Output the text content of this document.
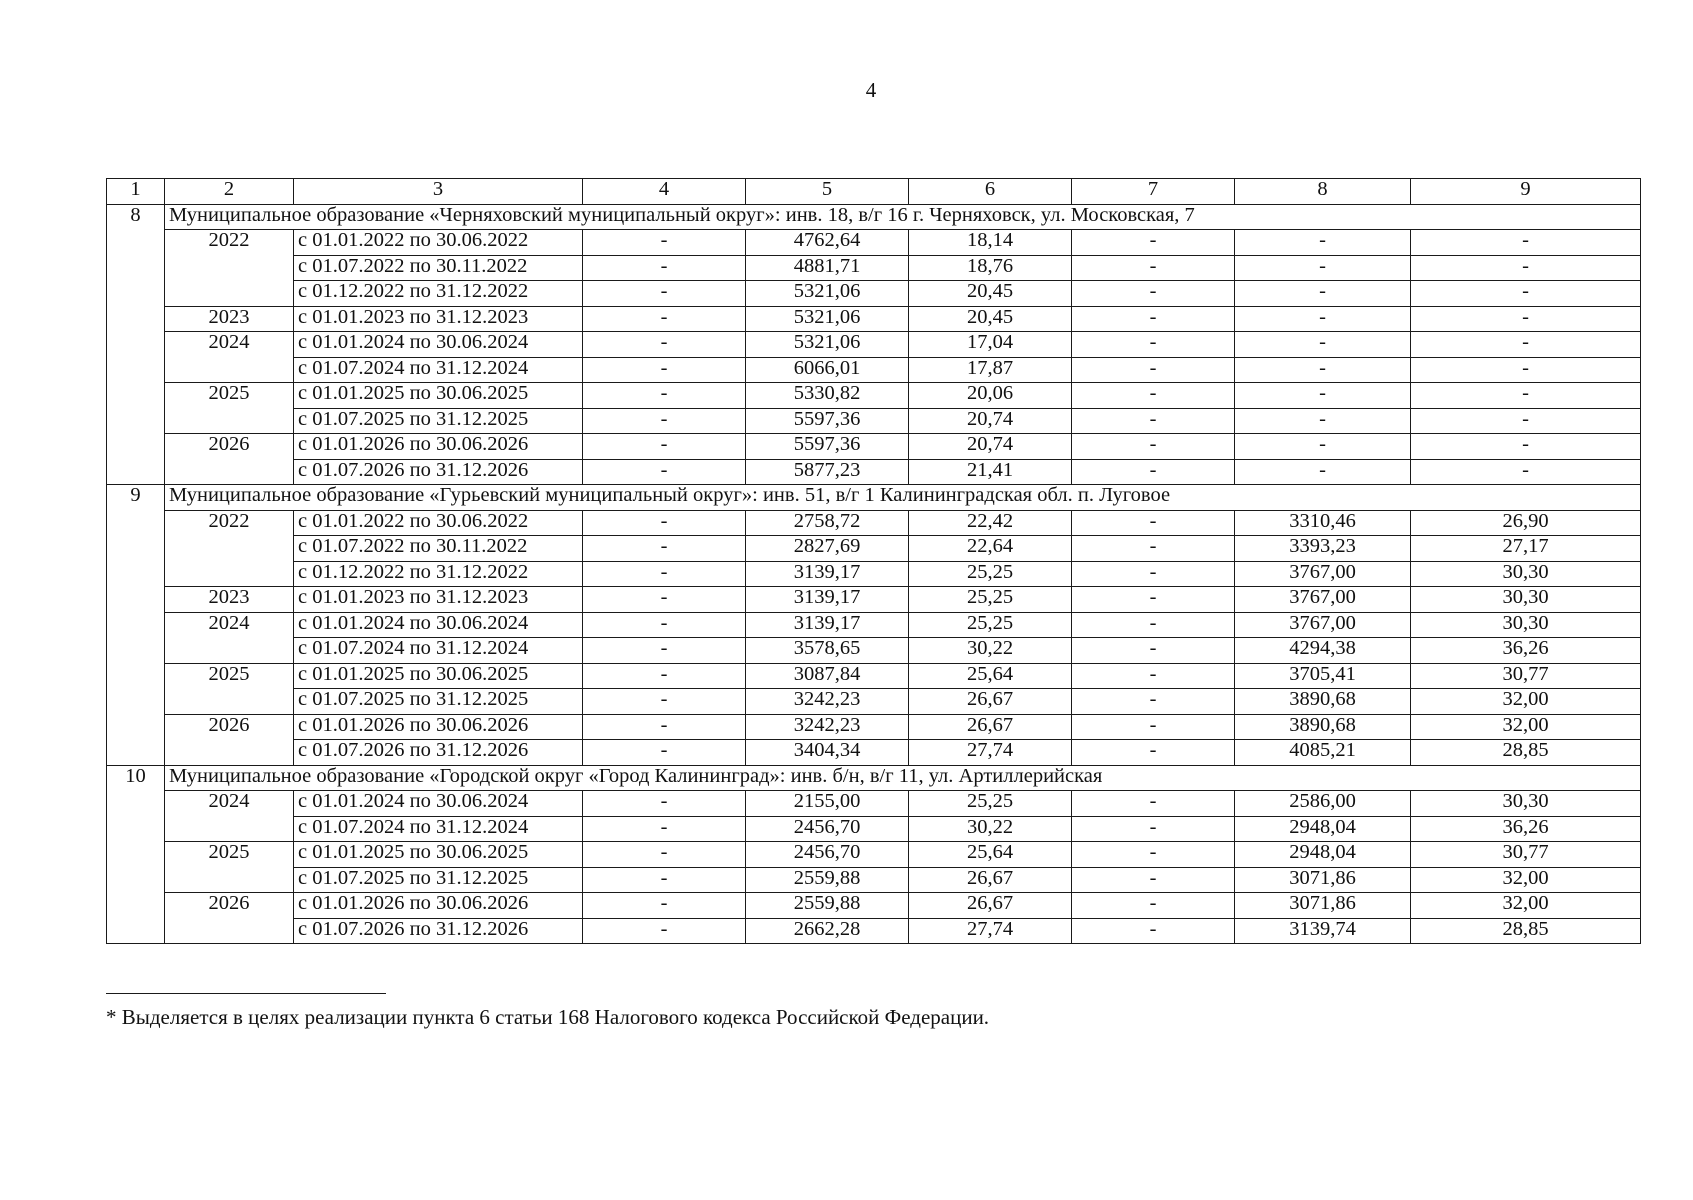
4
1	2	3	4	5	6	7	8	9
8	Муниципальное образование «Черняховский муниципальный округ»: инв. 18, в/г 16 г. Черняховск, ул. Московская, 7							
	2022	с 01.01.2022 по 30.06.2022	-	4762,64	18,14	-	-	-
		с 01.07.2022 по 30.11.2022	-	4881,71	18,76	-	-	-
		с 01.12.2022 по 31.12.2022	-	5321,06	20,45	-	-	-
	2023	с 01.01.2023 по 31.12.2023	-	5321,06	20,45	-	-	-
	2024	с 01.01.2024 по 30.06.2024	-	5321,06	17,04	-	-	-
		с 01.07.2024 по 31.12.2024	-	6066,01	17,87	-	-	-
	2025	с 01.01.2025 по 30.06.2025	-	5330,82	20,06	-	-	-
		с 01.07.2025 по 31.12.2025	-	5597,36	20,74	-	-	-
	2026	с 01.01.2026 по 30.06.2026	-	5597,36	20,74	-	-	-
		с 01.07.2026 по 31.12.2026	-	5877,23	21,41	-	-	-
9	Муниципальное образование «Гурьевский муниципальный округ»: инв. 51, в/г 1 Калининградская обл. п. Луговое							
	2022	с 01.01.2022 по 30.06.2022	-	2758,72	22,42	-	3310,46	26,90
		с 01.07.2022 по 30.11.2022	-	2827,69	22,64	-	3393,23	27,17
		с 01.12.2022 по 31.12.2022	-	3139,17	25,25	-	3767,00	30,30
	2023	с 01.01.2023 по 31.12.2023	-	3139,17	25,25	-	3767,00	30,30
	2024	с 01.01.2024 по 30.06.2024	-	3139,17	25,25	-	3767,00	30,30
		с 01.07.2024 по 31.12.2024	-	3578,65	30,22	-	4294,38	36,26
	2025	с 01.01.2025 по 30.06.2025	-	3087,84	25,64	-	3705,41	30,77
		с 01.07.2025 по 31.12.2025	-	3242,23	26,67	-	3890,68	32,00
	2026	с 01.01.2026 по 30.06.2026	-	3242,23	26,67	-	3890,68	32,00
		с 01.07.2026 по 31.12.2026	-	3404,34	27,74	-	4085,21	28,85
10	Муниципальное образование «Городской округ «Город Калининград»: инв. б/н, в/г 11, ул. Артиллерийская							
	2024	с 01.01.2024 по 30.06.2024	-	2155,00	25,25	-	2586,00	30,30
		с 01.07.2024 по 31.12.2024	-	2456,70	30,22	-	2948,04	36,26
	2025	с 01.01.2025 по 30.06.2025	-	2456,70	25,64	-	2948,04	30,77
		с 01.07.2025 по 31.12.2025	-	2559,88	26,67	-	3071,86	32,00
	2026	с 01.01.2026 по 30.06.2026	-	2559,88	26,67	-	3071,86	32,00
		с 01.07.2026 по 31.12.2026	-	2662,28	27,74	-	3139,74	28,85
* Выделяется в целях реализации пункта 6 статьи 168 Налогового кодекса Российской Федерации.
